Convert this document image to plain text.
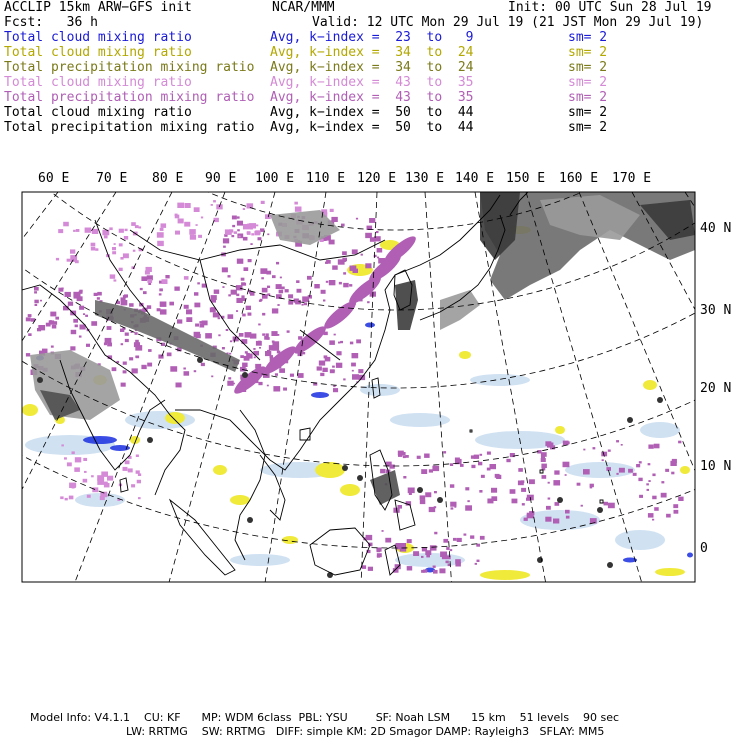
ACCLIP 15km ARW−GFS init	NCAR/MMM	Init: 00 UTC Sun 28 Jul 19
Fcst:   36 h	Valid: 12 UTC Mon 29 Jul 19 (21 JST Mon 29 Jul 19)
Total cloud mixing ratio	Avg, k−index =  23  to   9	sm= 2
Total cloud mixing ratio	Avg, k−index =  34  to  24	sm= 2
Total precipitation mixing ratio Avg, k−index =  34  to  24	sm= 2
Total cloud mixing ratio	Avg, k−index =  43  to  35	sm= 2
Total precipitation mixing ratio Avg, k−index =  43  to  35	sm= 2
Total cloud mixing ratio	Avg, k−index =  50  to  44	sm= 2
Total precipitation mixing ratio Avg, k−index =  50  to  44	sm= 2
60 E 70 E 80 E 90 E 100 E 110 E 120 E 130 E 140 E 150 E 160 E 170 E
40 N
30 N
20 N
10 N
0
Model Info: V4.1.1    CU: KF      MP: WDM 6class  PBL: YSU        SF: Noah LSM      15 km    51 levels    90 sec
LW: RRTMG    SW: RRTMG   DIFF: simple KM: 2D Smagor DAMP: Rayleigh3   SFLAY: MM5
